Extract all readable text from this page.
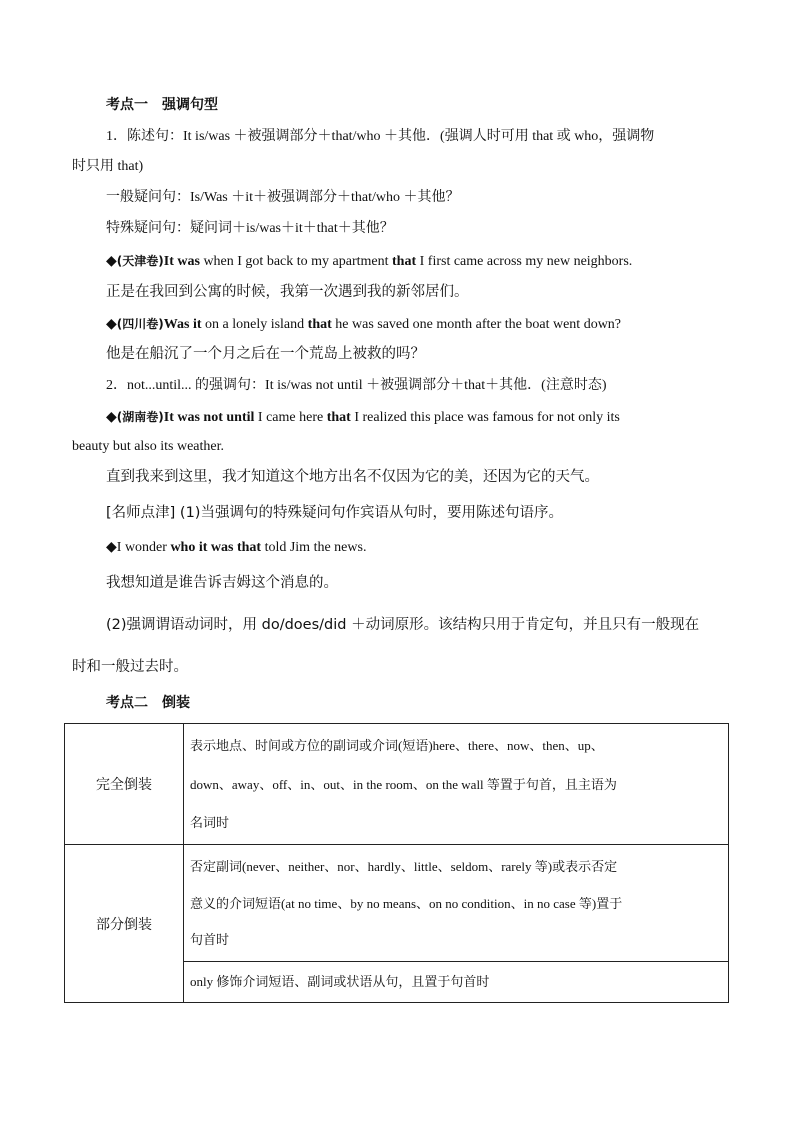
考点一　强调句型
1．陈述句：It is/was ＋被强调部分＋that/who ＋其他．(强调人时可用 that 或 who，强调物
时只用 that)
一般疑问句：Is/Was ＋it＋被强调部分＋that/who ＋其他？
特殊疑问句：疑问词＋is/was＋it＋that＋其他？
◆(天津卷)It was when I got back to my apartment that I first came across my new neighbors.
正是在我回到公寓的时候，我第一次遇到我的新邻居们。
◆(四川卷)Was it on a lonely island that he was saved one month after the boat went down?
他是在船沉了一个月之后在一个荒岛上被救的吗？
2．not...until... 的强调句：It is/was not until ＋被强调部分＋that＋其他．(注意时态)
◆(湖南卷)It was not until I came here that I realized this place was famous for not only its
beauty but also its weather.
直到我来到这里，我才知道这个地方出名不仅因为它的美，还因为它的天气。
[名师点津] (1)当强调句的特殊疑问句作宾语从句时，要用陈述句语序。
◆I wonder who it was that told Jim the news.
我想知道是谁告诉吉姆这个消息的。
(2)强调谓语动词时，用 do/does/did ＋动词原形。该结构只用于肯定句，并且只有一般现在
时和一般过去时。
考点二　倒装
完全倒装	表示地点、时间或方位的副词或介词(短语)here、there、now、then、up、
down、away、off、in、out、in the room、on the wall 等置于句首，且主语为
名词时

部分倒装	否定副词(never、neither、nor、hardly、little、seldom、rarely 等)或表示否定
意义的介词短语(at no time、by no means、on no condition、in no case 等)置于
句首时

	only 修饰介词短语、副词或状语从句，且置于句首时
